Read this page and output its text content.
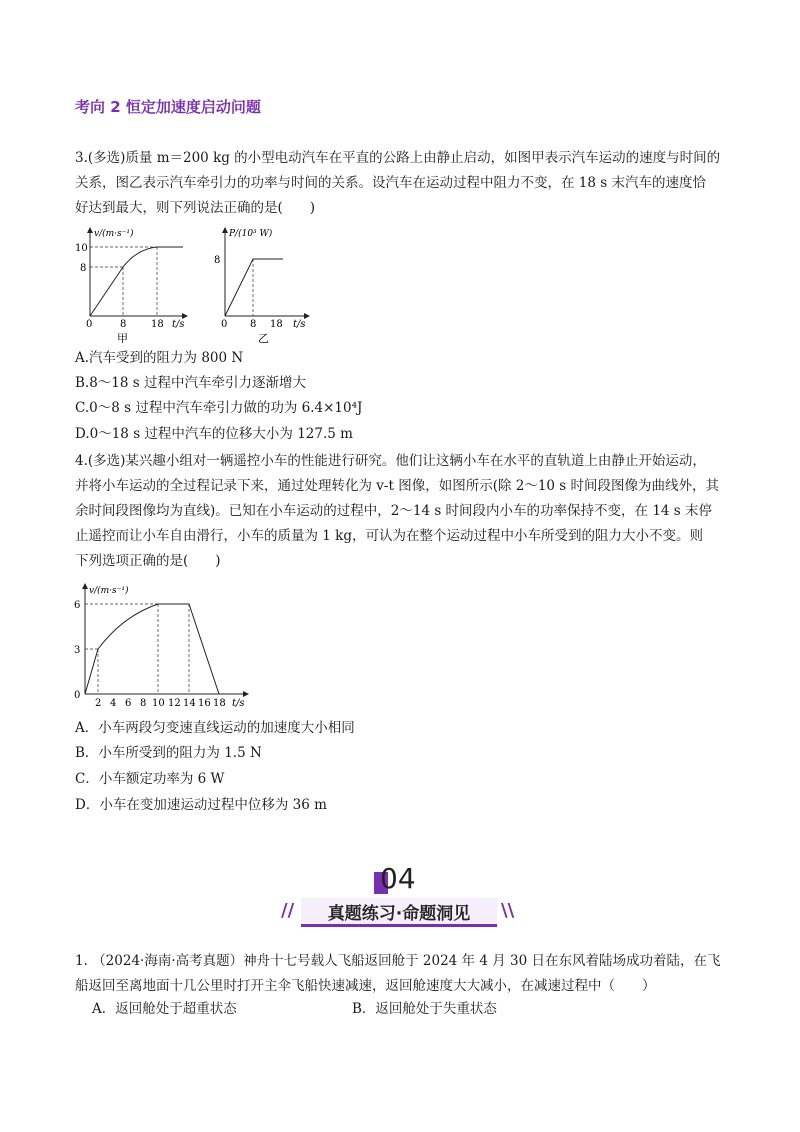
考向 2 恒定加速度启动问题
3.(多选)质量 m＝200 kg 的小型电动汽车在平直的公路上由静止启动，如图甲表示汽车运动的速度与时间的
关系，图乙表示汽车牵引力的功率与时间的关系。设汽车在运动过程中阻力不变，在 18 s 末汽车的速度恰
好达到最大，则下列说法正确的是(　　)
v/(m·s⁻¹)
10
8
0	8 18 t/s
甲
P/(10³ W)
8
0 8 18 t/s
乙
A.汽车受到的阻力为 800 N
B.8～18 s 过程中汽车牵引力逐渐增大
C.0～8 s 过程中汽车牵引力做的功为 6.4×10⁴J
D.0～18 s 过程中汽车的位移大小为 127.5 m
4.(多选)某兴趣小组对一辆遥控小车的性能进行研究。他们让这辆小车在水平的直轨道上由静止开始运动，
并将小车运动的全过程记录下来，通过处理转化为 v-t 图像，如图所示(除 2～10 s 时间段图像为曲线外，其
余时间段图像均为直线)。已知在小车运动的过程中，2～14 s 时间段内小车的功率保持不变，在 14 s 末停
止遥控而让小车自由滑行，小车的质量为 1 kg，可认为在整个运动过程中小车所受到的阻力大小不变。则
下列选项正确的是(　　)
v/(m·s⁻¹)
6
3
0
2 4 6 8 10 12 14 16 18 t/s
A．小车两段匀变速直线运动的加速度大小相同
B．小车所受到的阻力为 1.5 N
C．小车额定功率为 6 W
D．小车在变加速运动过程中位移为 36 m
04
//	真题练习·命题洞见	\\
1. （2024·海南·高考真题）神舟十七号载人飞船返回舱于 2024 年 4 月 30 日在东风着陆场成功着陆，在飞
船返回至离地面十几公里时打开主伞飞船快速减速，返回舱速度大大减小，在减速过程中（　　）
A．返回舱处于超重状态	B．返回舱处于失重状态
